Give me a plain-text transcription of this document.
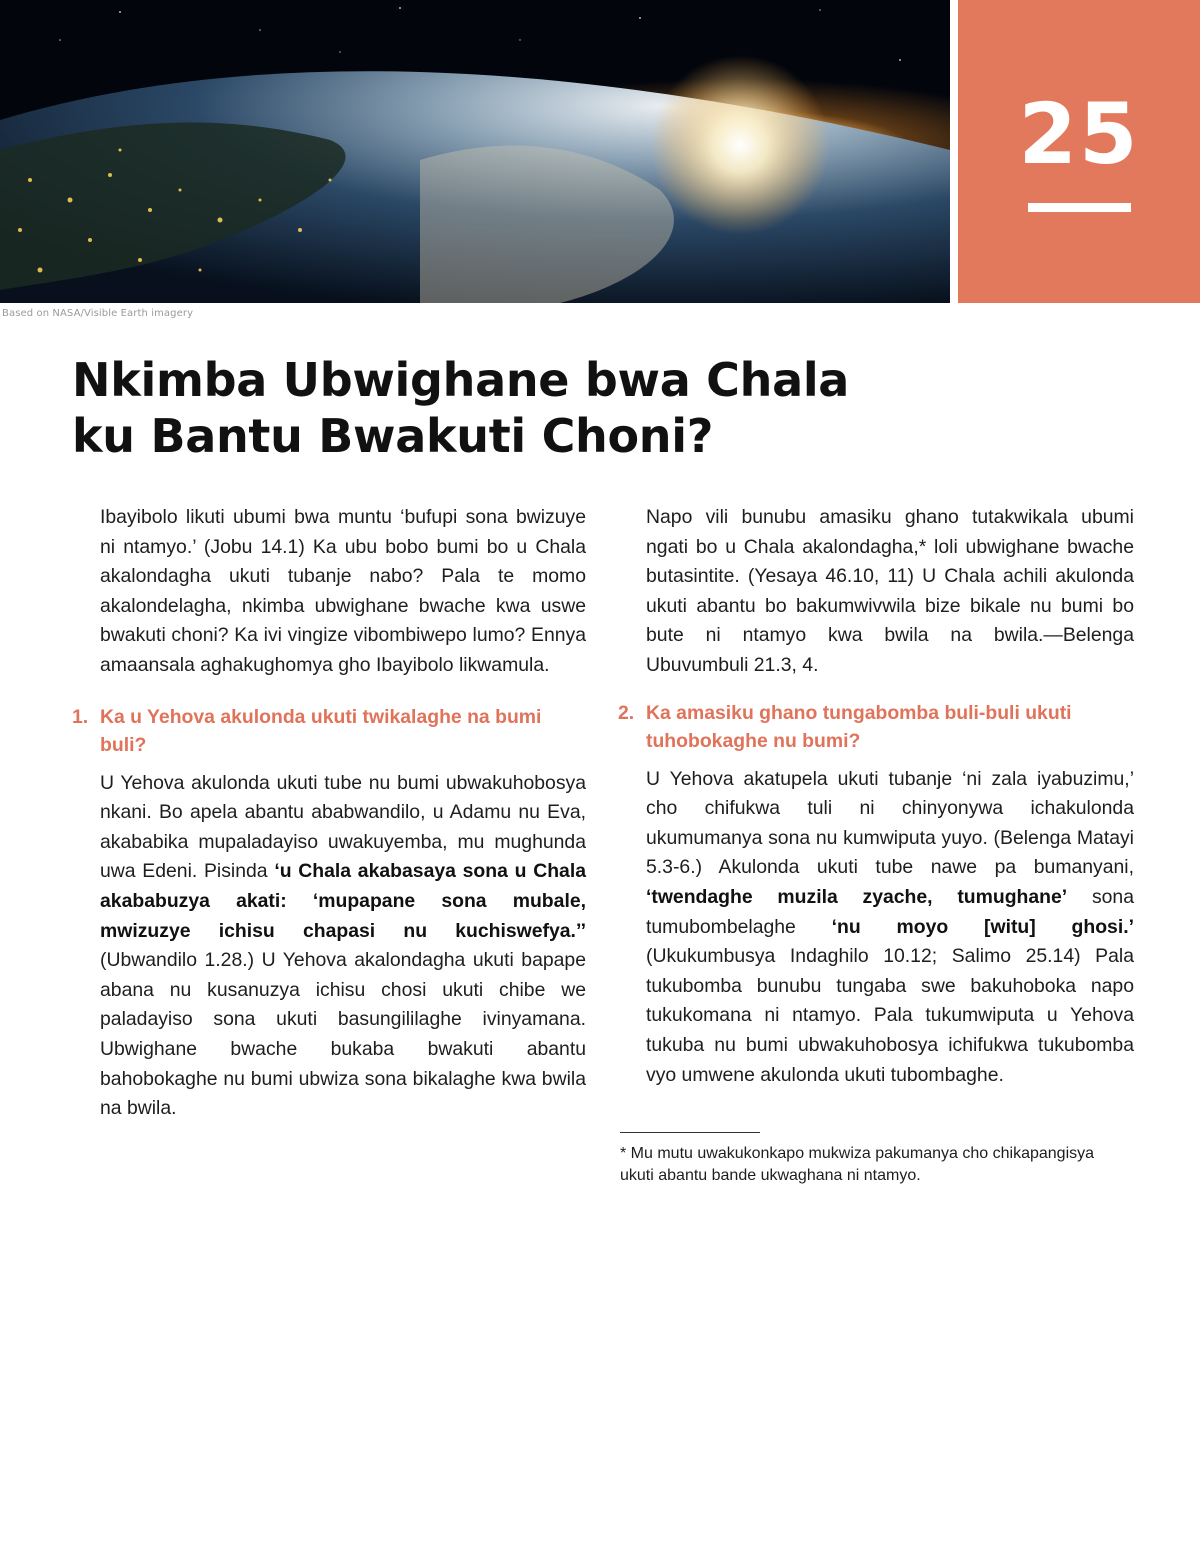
Based on NASA/Visible Earth imagery
25
Nkimba Ubwighane bwa Chala
ku Bantu Bwakuti Choni?

Ibayibolo likuti ubumi bwa muntu ‘bufupi sona bwizuye ni ntamyo.’ (Jobu 14.1) Ka ubu bobo bumi bo u Chala akalondagha ukuti tubanje nabo? Pala te momo akalondelagha, nkimba ubwighane bwache kwa uswe bwakuti choni? Ka ivi vingize vibombiwepo lumo? Ennya amaansala aghakughomya gho Ibayibolo likwamula.

1. Ka u Yehova akulonda ukuti twikalaghe na bumi buli?

U Yehova akulonda ukuti tube nu bumi ubwakuhobosya nkani. Bo apela abantu ababwandilo, u Adamu nu Eva, akababika mupaladayiso uwakuyemba, mu mughunda uwa Edeni. Pisinda ‘u Chala akabasaya sona u Chala akababuzya akati: ‘mupapane sona mubale, mwizuzye ichisu chapasi nu kuchiswefya.’’ (Ubwandilo 1.28.) U Yehova akalondagha ukuti bapape abana nu kusanuzya ichisu chosi ukuti chibe we paladayiso sona ukuti basungililaghe ivinyamana. Ubwighane bwache bukaba bwakuti abantu bahobokaghe nu bumi ubwiza sona bikalaghe kwa bwila na bwila.

Napo vili bunubu amasiku ghano tutakwikala ubumi ngati bo u Chala akalondagha,* loli ubwighane bwache butasintite. (Yesaya 46.10, 11) U Chala achili akulonda ukuti abantu bo bakumwivwila bize bikale nu bumi bo bute ni ntamyo kwa bwila na bwila.—Belenga Ubuvumbuli 21.3, 4.

2. Ka amasiku ghano tungabomba buli-buli ukuti tuhobokaghe nu bumi?

U Yehova akatupela ukuti tubanje ‘ni zala iyabuzimu,’ cho chifukwa tuli ni chinyonywa ichakulonda ukumumanya sona nu kumwiputa yuyo. (Belenga Matayi 5.3-6.) Akulonda ukuti tube nawe pa bumanyani, ‘twendaghe muzila zyache, tumughane’ sona tumubombelaghe ‘nu moyo [witu] ghosi.’ (Ukukumbusya Indaghilo 10.12; Salimo 25.14) Pala tukubomba bunubu tungaba swe bakuhoboka napo tukukomana ni ntamyo. Pala tukumwiputa u Yehova tukuba nu bumi ubwakuhobosya ichifukwa tukubomba vyo umwene akulonda ukuti tubombaghe.

* Mu mutu uwakukonkapo mukwiza pakumanya cho chikapangisya ukuti abantu bande ukwaghana ni ntamyo.
